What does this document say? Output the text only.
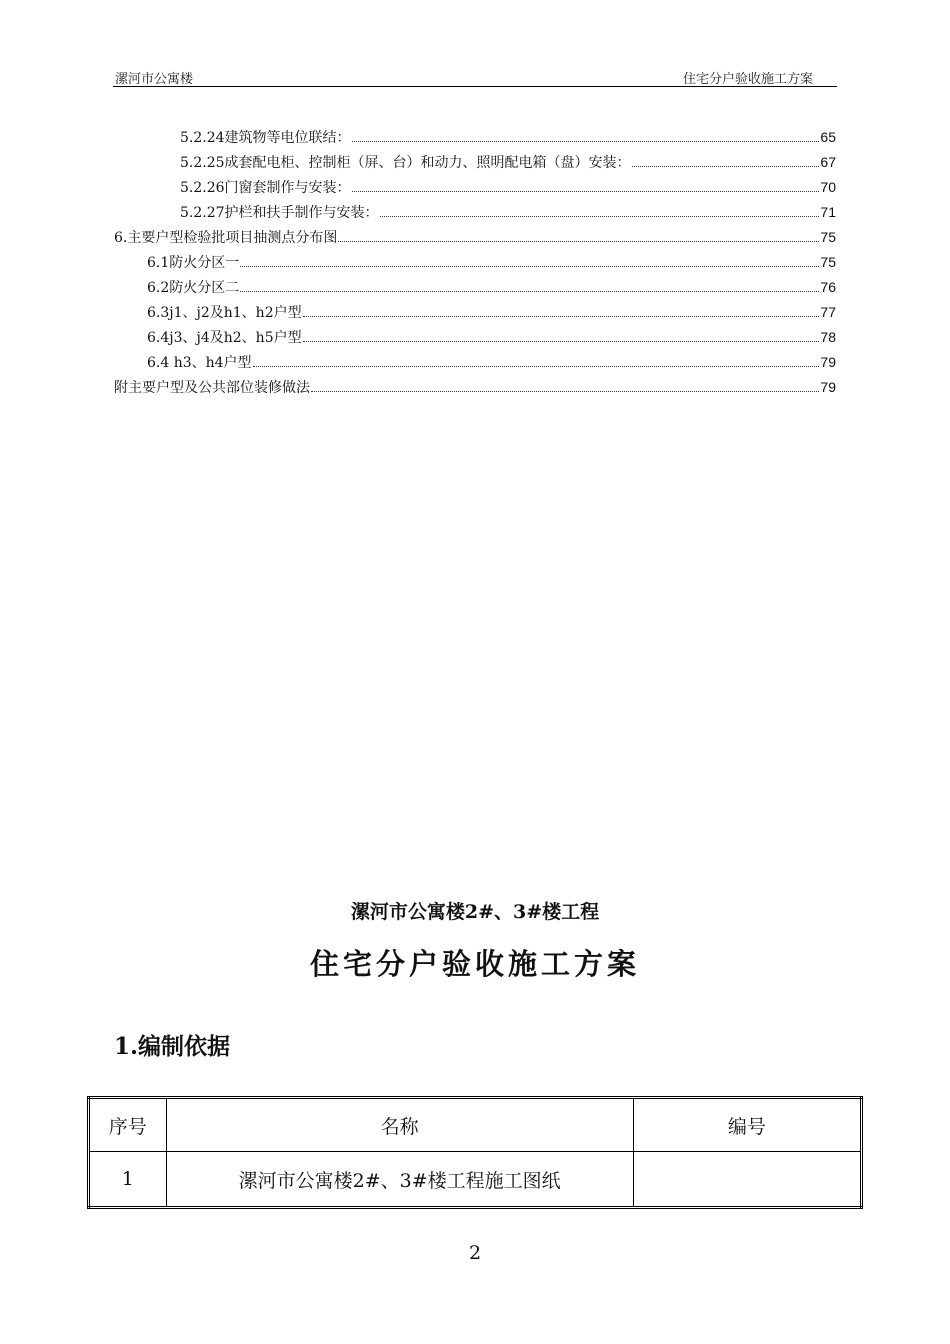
漯河市公寓楼	住宅分户验收施工方案
5.2.24建筑物等电位联结：	65
5.2.25成套配电柜、控制柜（屏、台）和动力、照明配电箱（盘）安装：	67
5.2.26门窗套制作与安装：	70
5.2.27护栏和扶手制作与安装：	71
6.主要户型检验批项目抽测点分布图	75
6.1防火分区一	75
6.2防火分区二	76
6.3j1、j2及h1、h2户型	77
6.4j3、j4及h2、h5户型	78
6.4 h3、h4户型	79
附主要户型及公共部位装修做法	79
漯河市公寓楼2#、3#楼工程
住宅分户验收施工方案
1.编制依据
序号	名称	编号
1	漯河市公寓楼2#、3#楼工程施工图纸	
2
